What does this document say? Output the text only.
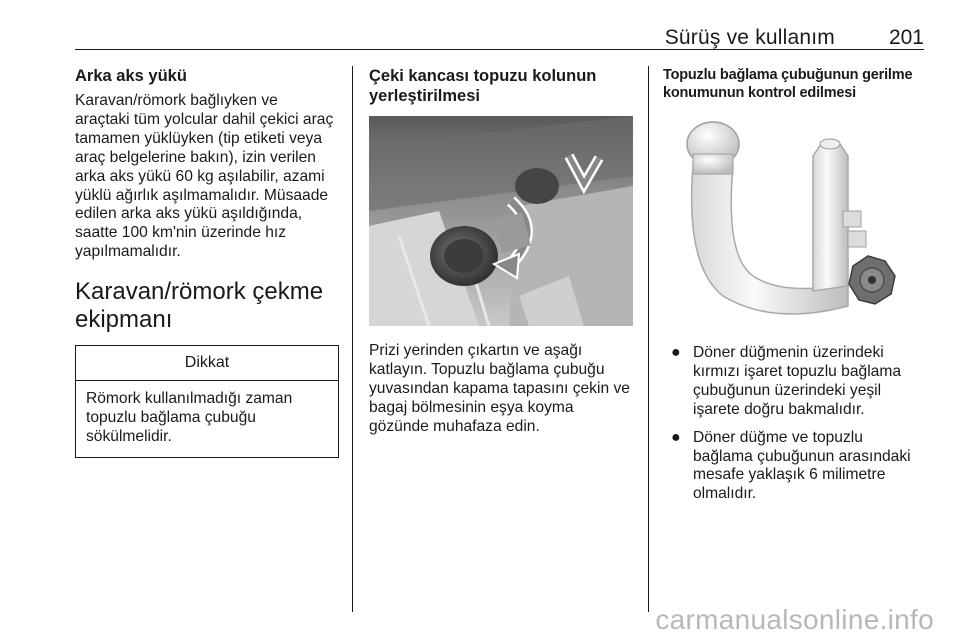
Sürüş ve kullanım	201
Arka aks yükü

Karavan/römork bağlıyken ve
araçtaki tüm yolcular dahil çekici araç
tamamen yüklüyken (tip etiketi veya
araç belgelerine bakın), izin verilen
arka aks yükü 60 kg aşılabilir, azami
yüklü ağırlık aşılmamalıdır. Müsaade
edilen arka aks yükü aşıldığında,
saatte 100 km'nin üzerinde hız
yapılmamalıdır.

Karavan/römork çekme
ekipmanı
Dikkat
Römork kullanılmadığı zaman
topuzlu bağlama çubuğu
sökülmelidir.
Çeki kancası topuzu kolunun
yerleştirilmesi

Prizi yerinden çıkartın ve aşağı
katlayın. Topuzlu bağlama çubuğu
yuvasından kapama tapasını çekin ve
bagaj bölmesinin eşya koyma
gözünde muhafaza edin.

Topuzlu bağlama çubuğunun gerilme
konumunun kontrol edilmesi
● Döner düğmenin üzerindeki
kırmızı işaret topuzlu bağlama
çubuğunun üzerindeki yeşil
işarete doğru bakmalıdır.
● Döner düğme ve topuzlu
bağlama çubuğunun arasındaki
mesafe yaklaşık 6 milimetre
olmalıdır.
carmanualsonline.info
